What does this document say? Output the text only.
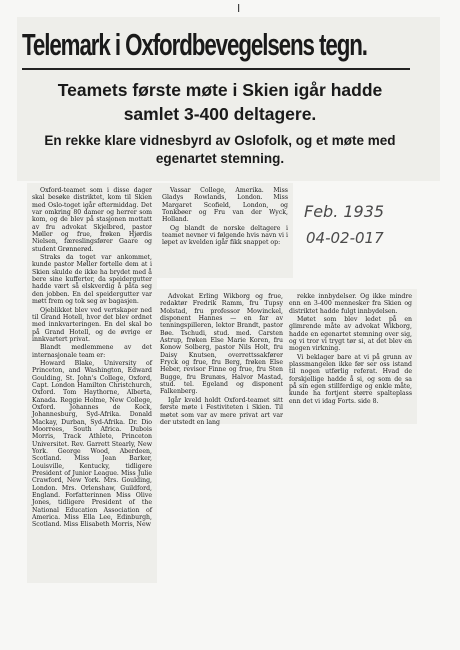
I
Telemark i Oxfordbevegelsens tegn.
Teamets første møte i Skien igår hadde samlet 3-400 deltagere.
En rekke klare vidnesbyrd av Oslofolk, og et møte med egenartet stemning.

Oxford-teamet som i disse dager skal besøke distriktet, kom til Skien med Oslo-toget igår eftermiddag. Det var omkring 80 damer og herrer som kom, og de blev på stasjonen mottatt av fru advokat Skjelbred, pastor Møller og frue, frøken Hjørdis Nielsen, færeslingsfører Gaare og student Grønnerød.

Straks da toget var ankommet, kunde pastor Møller fortelle dem at i Skien skulde de ikke ha brydet med å bere sine kufferter, da speidergutter hadde vært så elskverdig å påta seg den jobben. En del speidergutter var møtt frem og tok seg av bagasjen.

Ojeblikket blev ved vertskaper ned til Grand Hotell, hvor det blev ordnet med innkvarteringen. En del skal bo på Grand Hotell, og de øvrige er innkvartert privat.

Blandt medlemmene av det internasjonale team er:

Howard Blake, University of Princeton, and Washington, Edward Goulding, St. John's College, Oxford, Capt. London Hamilton Christchurch, Oxford. Tom Haythorne, Alberta, Kanada. Reggie Holme, New College, Oxford. Johannes de Kock, Johannesburg, Syd-Afrika. Donald Mackay, Durban, Syd-Afrika. Dr. Dio Moorrees, South Africa. Dubois Morris, Track Athlete, Princeton Universitet. Rev. Garrett Stearly, New York. George Wood, Aberdeen, Scotland. Miss Jean Barker, Louisville, Kentucky, tidligere President of Junior League. Miss Julie Crawford, New York. Mrs. Goulding, London. Mrs. Orlenshaw, Guildford, England. Forfatterinnen Miss Olive Jones, tidligere President of the National Education Association of America. Miss Ella Lee, Edinburgh, Scotland. Miss Elisabeth Morris, New

Vassar College, Amerika. Miss Gladys Rowlands, London. Miss Margaret Scofield, London, og Tonkbøer og Fru van der Wyck, Holland.

Og blandt de norske deltagere i teamet nevner vi følgende hvis navn vi i løpet av kvelden igår fikk snappet op:

Feb. 1935
04-02-017

Advokat Erling Wikborg og frue, redaktør Fredrik Ramm, fru Tupsy Molstad, fru professor Mowinckel, disponent Hannes — en far av tenningspilleren, lektor Brandt, pastor Bøe. Tschudi, stud. med. Carsten Astrup, frøken Else Marie Koren, fru Konow Solberg, pastor Nils Holt, fru Daisy Knutsen, overrettssakfører Fryck og frue, fru Berg, frøken Else Heber, revisor Finne og frue, fru Sten Bugge, fru Brunæs, Halvor Mastad, stud. tel. Egeland og disponent Falkenberg.

Igår kveld holdt Oxford-teamet sitt første møte i Festiviteten i Skien. Til møtet som var av mere privat art var der utstedt en lang

rekke innbydelser. Og ikke mindre enn en 3-400 mennesker fra Skien og distriktet hadde fulgt innbydelsen.

Møtet som blev ledet på en glimrende måte av advokat Wikborg, hadde en egenartet stemning over sig, og vi tror vi trygt tør si, at det blev en mogen virkning.

Vi beklager bare at vi på grunn av plassmangelen ikke før ser oss istand til nogen utførlig referat. Hvad de forskjellige hadde å si, og som de sa på sin egen stillferdige og enkle måte, kunde ha fortjent større spalteplass enn det vi idag Forts. side 8.
